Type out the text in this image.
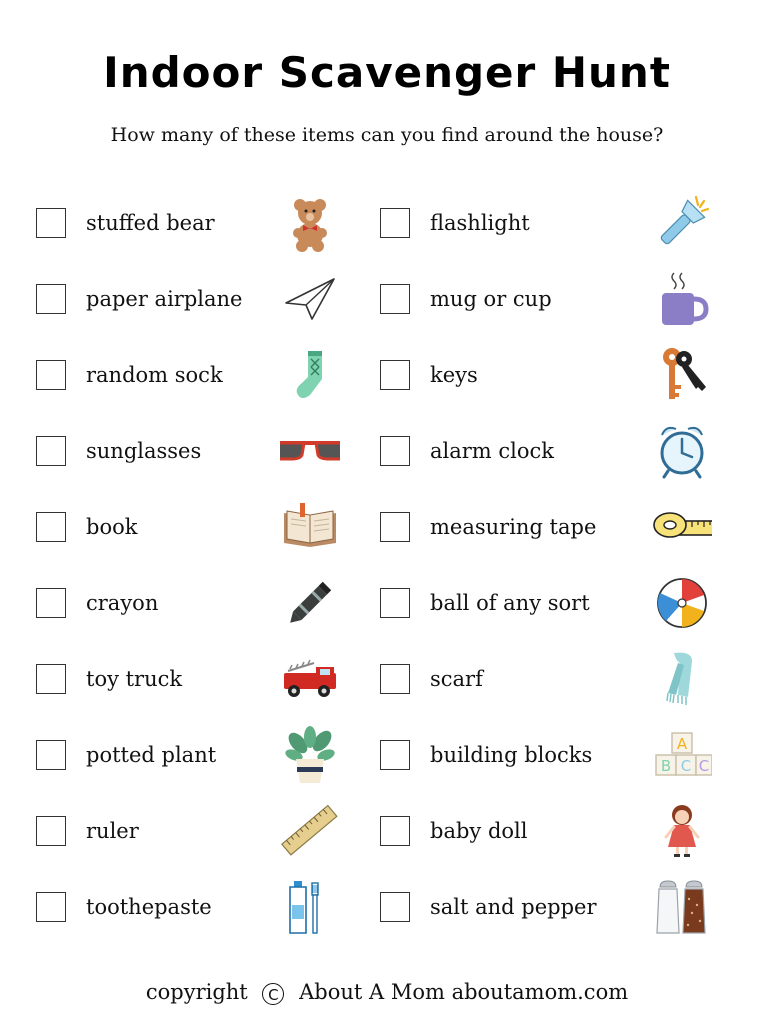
Indoor Scavenger Hunt
How many of these items can you find around the house?
stuffed bear
paper airplane
random sock
sunglasses
book
crayon
toy truck
potted plant
ruler
toothepaste
flashlight
mug or cup
keys
alarm clock
measuring tape
ball of any sort
scarf
building blocks	A
B C C
baby doll
salt and pepper
copyright C About A Mom aboutamom.com
